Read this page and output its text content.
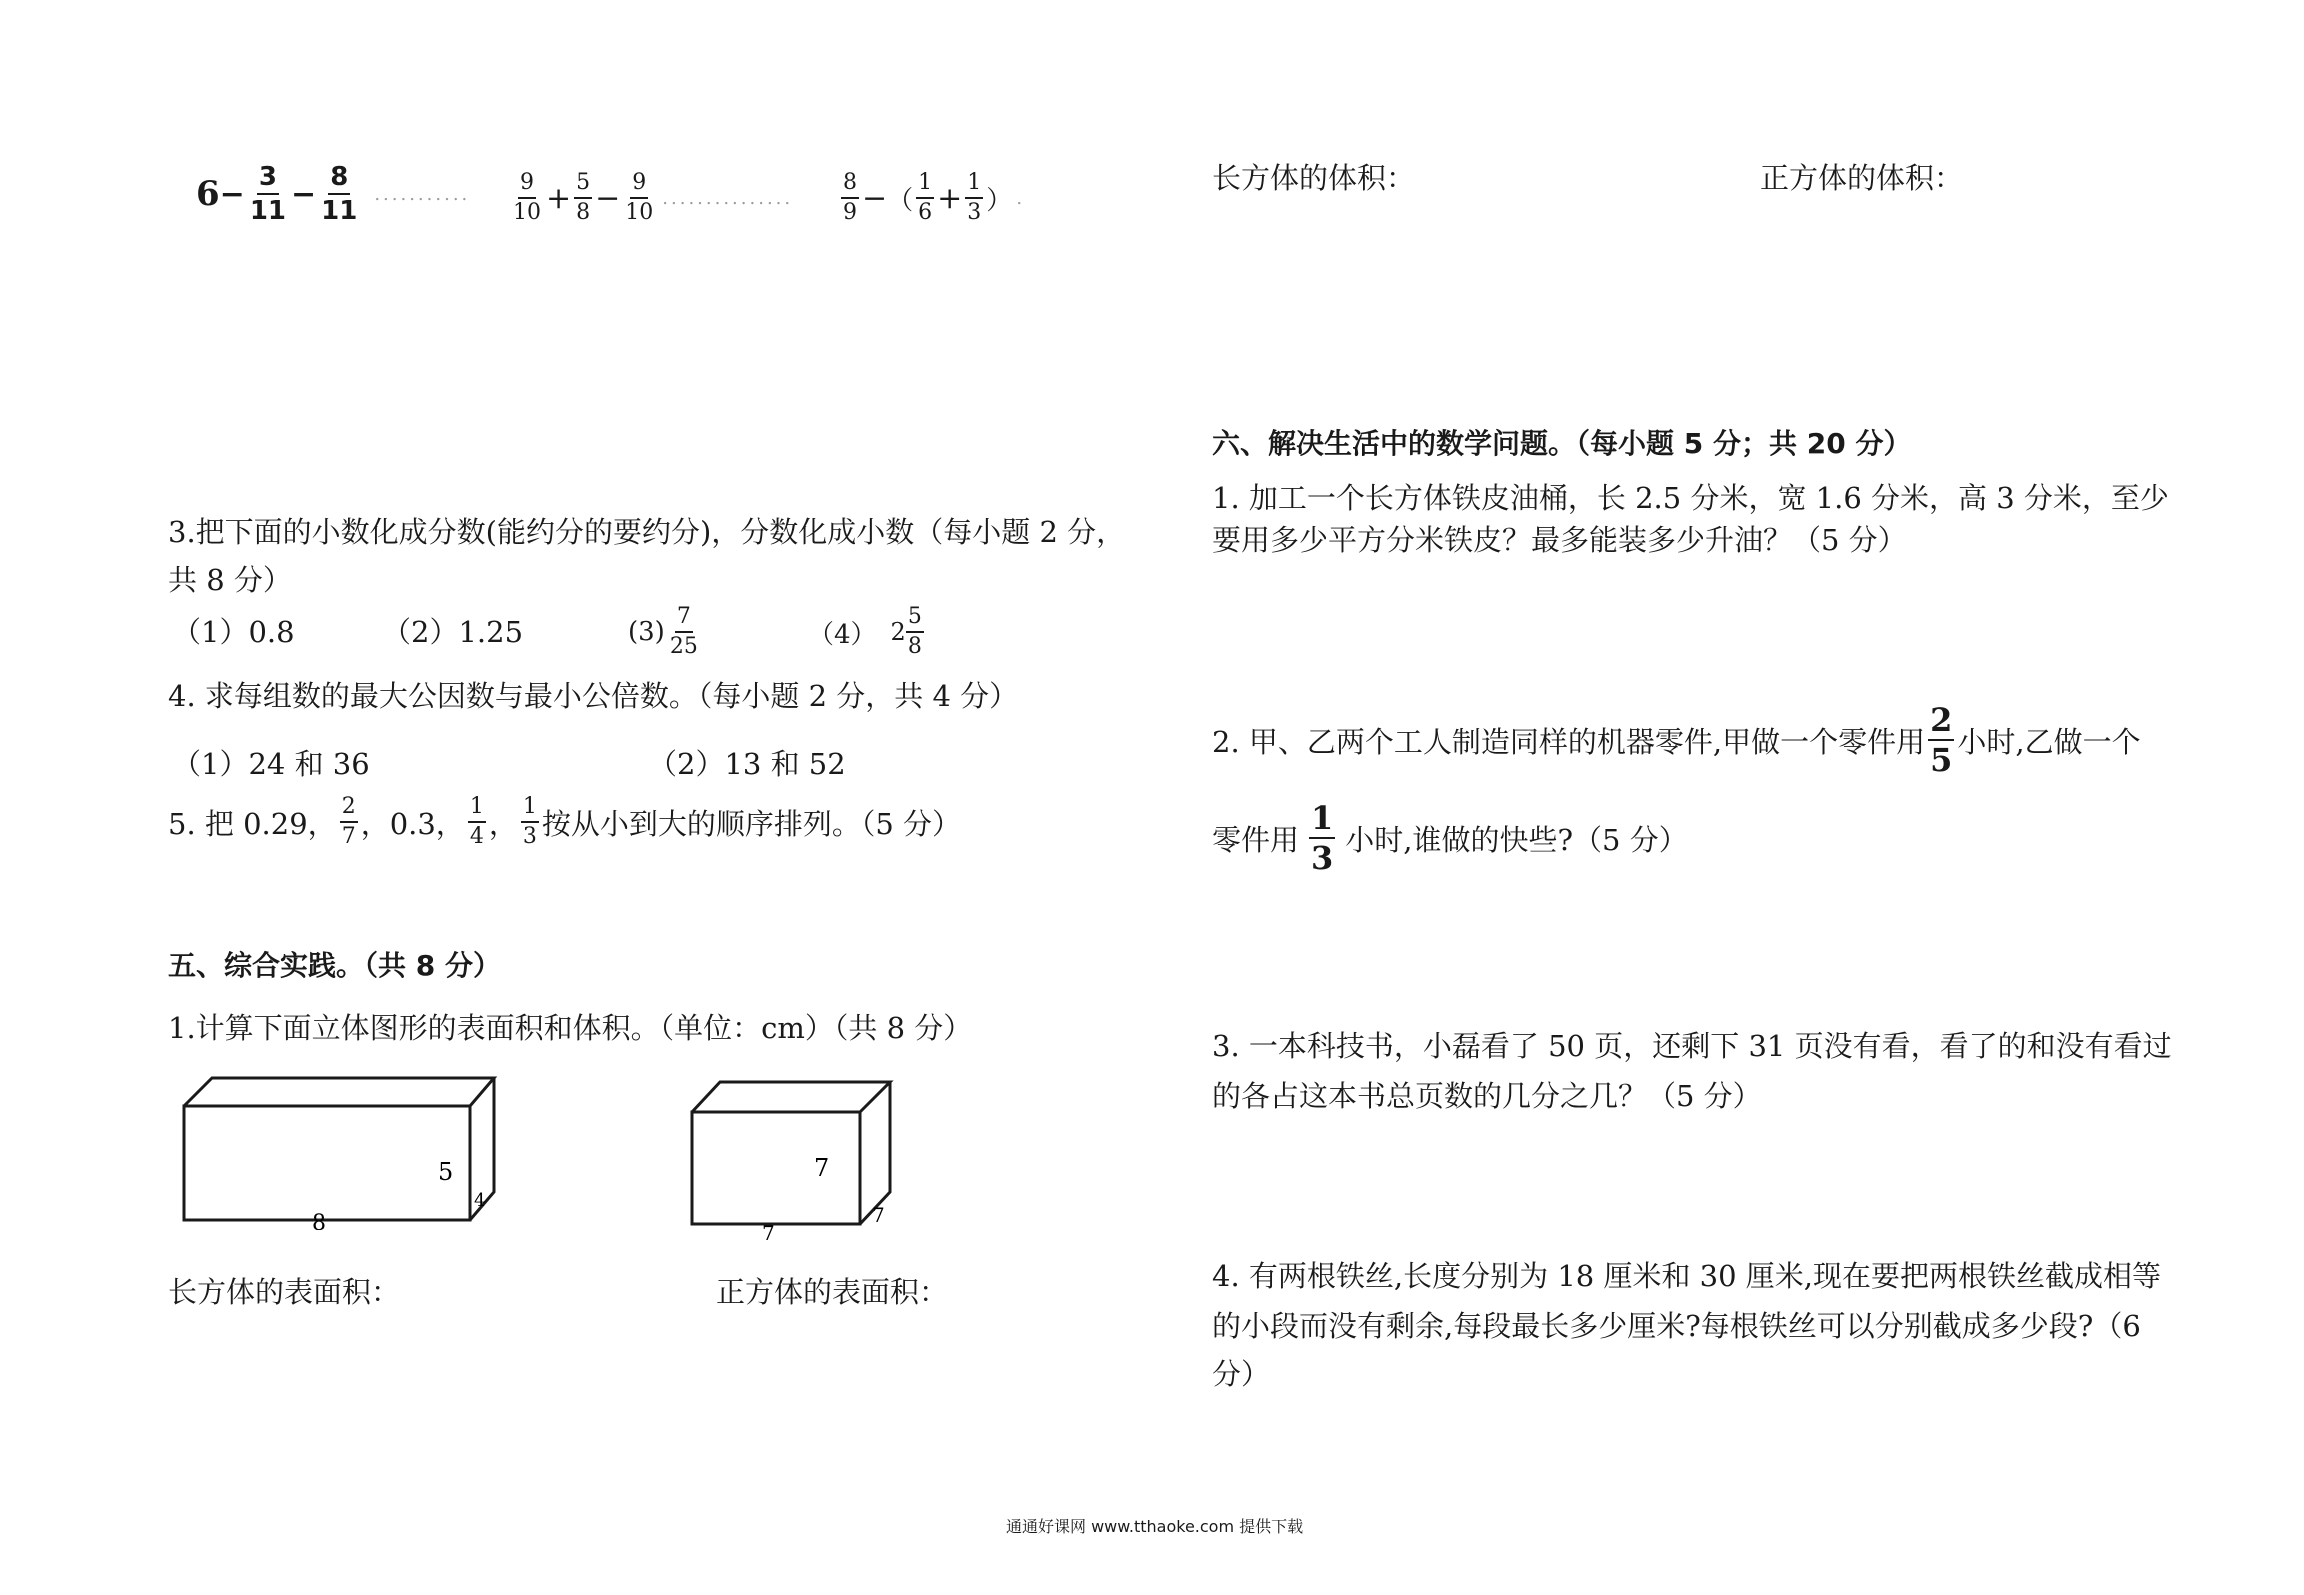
$6 - \frac{3}{11} - \frac{8}{11}$ ........... $\frac{9}{10} + \frac{5}{8} - \frac{9}{10}$ ............... $\frac{8}{9}$ − （ $\frac{1}{6} + \frac{1}{3}$ ） .
3.把下面的小数化成分数(能约分的要约分)，分数化成小数（每小题 2 分，
共 8 分）
（1）0.8	（2）1.25	$(3) \frac{7}{25}$	（4） $2 \frac{5}{8}$
4. 求每组数的最大公因数与最小公倍数。（每小题 2 分，共 4 分）
（1）24 和 36	（2）13 和 52
5. 把 0.29， $\frac{2}{7}$ ，0.3， $\frac{1}{4}$ ， $\frac{1}{3}$ 按从小到大的顺序排列。（5 分）
五、综合实践。（共 8 分）
1.计算下面立体图形的表面积和体积。（单位：cm）（共 8 分）
5
4
8
7
7
7
长方体的表面积：	正方体的表面积：
长方体的体积：	正方体的体积：
六、解决生活中的数学问题。（每小题 5 分；共 20 分）
1. 加工一个长方体铁皮油桶，长 2.5 分米，宽 1.6 分米，高 3 分米，至少
要用多少平方分米铁皮？最多能装多少升油？（5 分）
2. 甲、乙两个工人制造同样的机器零件,甲做一个零件用 $\frac{2}{5}$ 小时,乙做一个
零件用 $\frac{1}{3}$ 小时,谁做的快些?（5 分）
3. 一本科技书，小磊看了 50 页，还剩下 31 页没有看，看了的和没有看过
的各占这本书总页数的几分之几？（5 分）
4. 有两根铁丝,长度分别为 18 厘米和 30 厘米,现在要把两根铁丝截成相等
的小段而没有剩余,每段最长多少厘米?每根铁丝可以分别截成多少段?（6
分）
通通好课网 www.tthaoke.com 提供下载
